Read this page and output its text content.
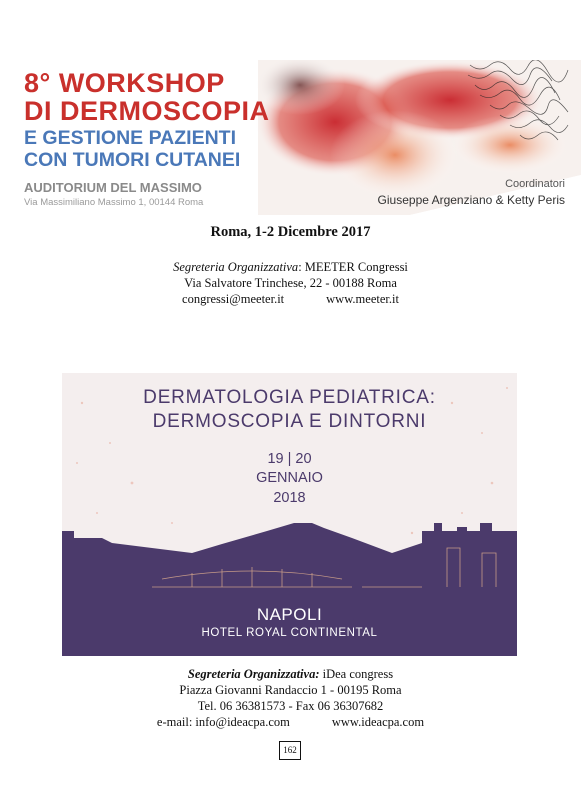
8° WORKSHOP
DI DERMOSCOPIA
E GESTIONE PAZIENTI
CON TUMORI CUTANEI
AUDITORIUM DEL MASSIMO
Via Massimiliano Massimo 1, 00144 Roma
Coordinatori
Giuseppe Argenziano & Ketty Peris
Roma, 1-2 Dicembre 2017
Segreteria Organizzativa: MEETER Congressi
Via Salvatore Trinchese, 22 - 00188 Roma
congressi@meeter.it	www.meeter.it
DERMATOLOGIA PEDIATRICA:
DERMOSCOPIA E DINTORNI
19 | 20
GENNAIO
2018
NAPOLI
HOTEL ROYAL CONTINENTAL
Segreteria Organizzativa: iDea congress
Piazza Giovanni Randaccio 1 - 00195 Roma
Tel. 06 36381573 - Fax 06 36307682
e-mail: info@ideacpa.com	www.ideacpa.com
162
